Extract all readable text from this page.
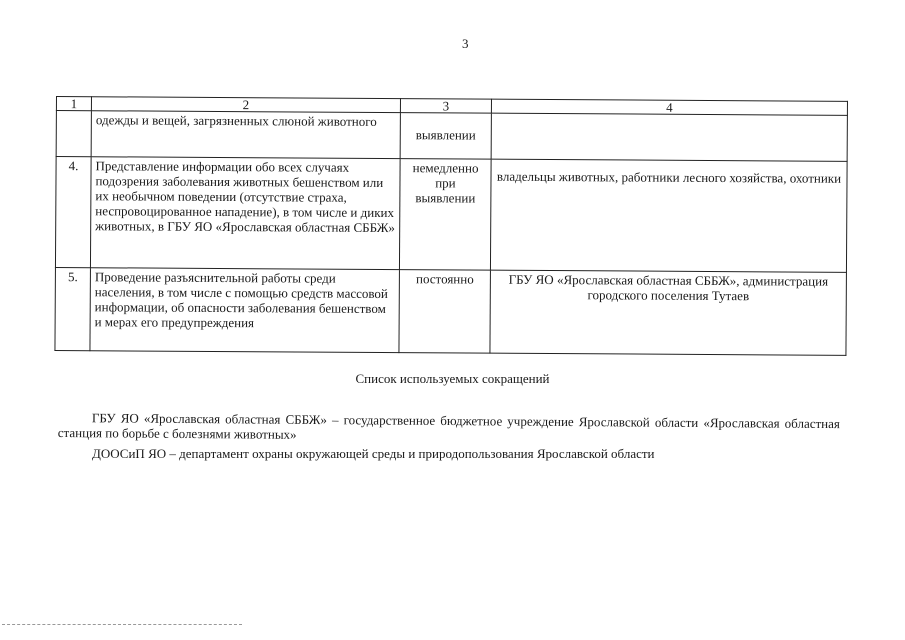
3
1	2	3	4
	одежды и вещей, загрязненных слюной животного	выявлении	
4.	Представление информации обо всех случаях подозрения заболевания животных бешенством или их необычном поведении (отсутствие страха, неспровоцированное нападение), в том числе и диких животных, в ГБУ ЯО «Ярославская областная СББЖ»	немедленно при выявлении	владельцы животных, работники лесного хозяйства, охотники
5.	Проведение разъяснительной работы среди населения, в том числе с помощью средств массовой информации, об опасности заболевания бешенством и мерах его предупреждения	постоянно	ГБУ ЯО «Ярославская областная СББЖ», администрация городского поселения Тутаев
Список используемых сокращений
ГБУ ЯО «Ярославская областная СББЖ» – государственное бюджетное учреждение Ярославской области «Ярославская областная станция по борьбе с болезнями животных»
ДООСиП ЯО – департамент охраны окружающей среды и природопользования Ярославской области
